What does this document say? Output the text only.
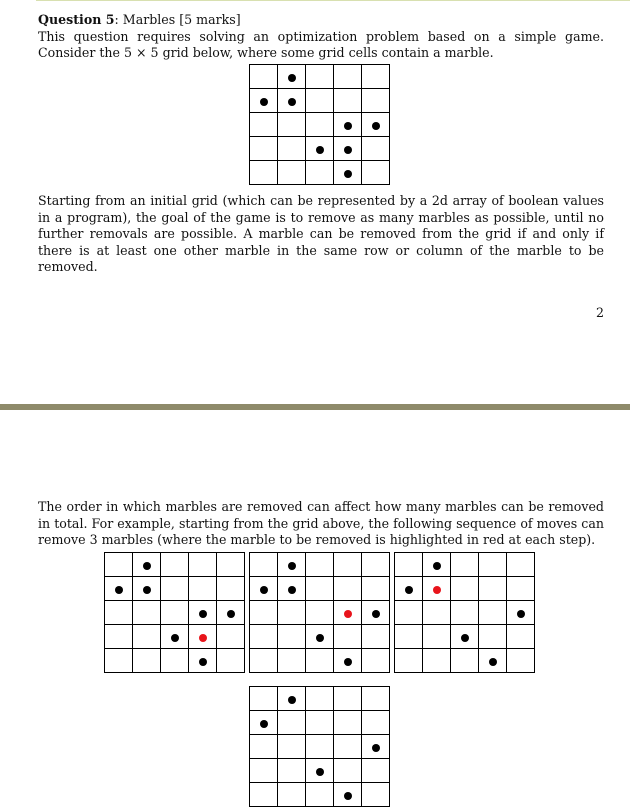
Question 5: Marbles [5 marks]
This question requires solving an optimization problem based on a simple game. Consider the 5 × 5 grid below, where some grid cells contain a marble.

Starting from an initial grid (which can be represented by a 2d array of boolean values in a program), the goal of the game is to remove as many marbles as possible, until no further removals are possible. A marble can be removed from the grid if and only if there is at least one other marble in the same row or column of the marble to be removed.

2

The order in which marbles are removed can affect how many marbles can be removed in total. For example, starting from the grid above, the following sequence of moves can remove 3 marbles (where the marble to be removed is highlighted in red at each step).
